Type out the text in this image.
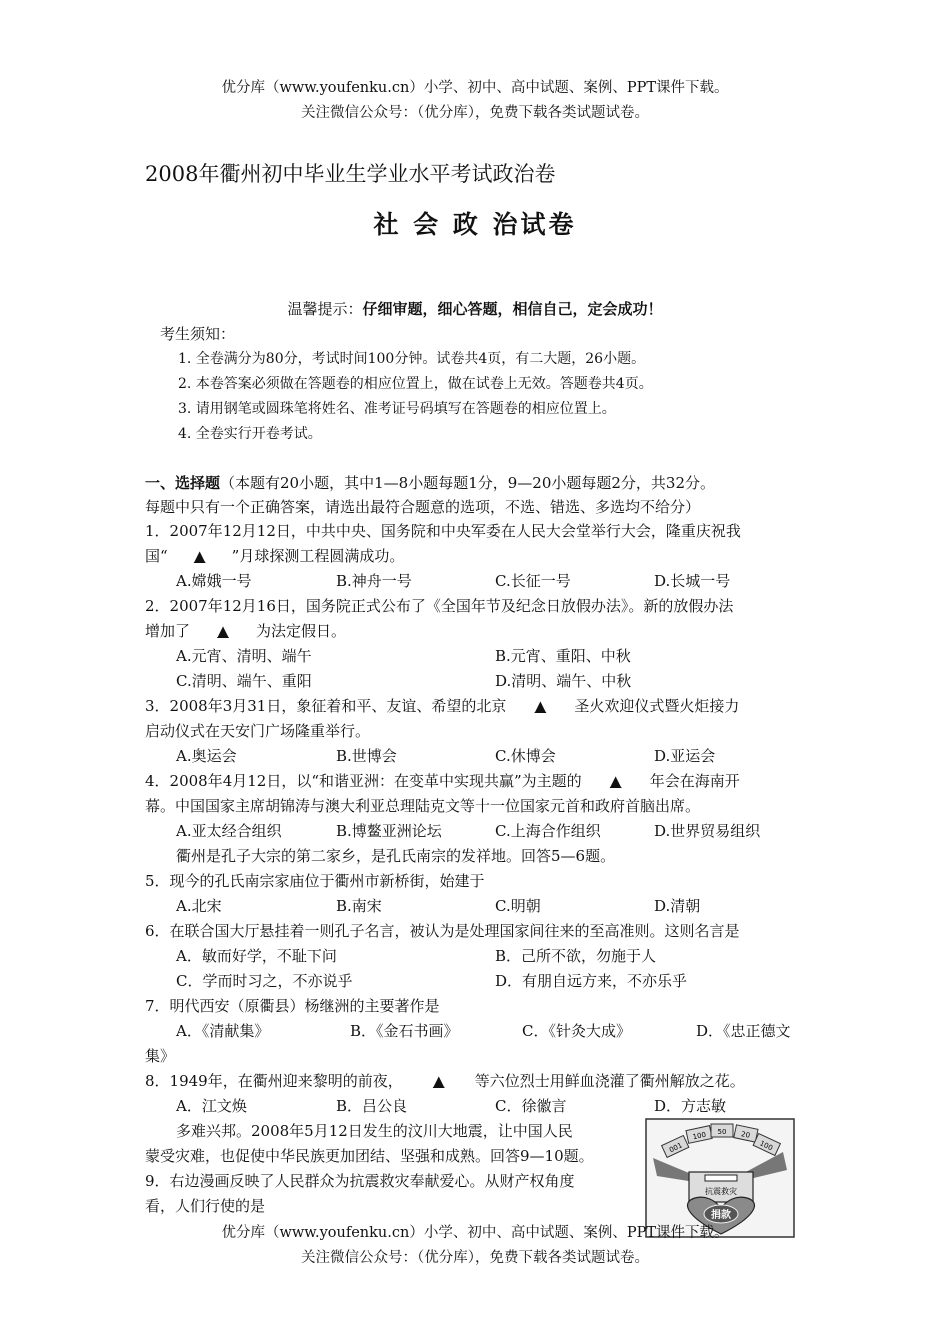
优分库（www.youfenku.cn）小学、初中、高中试题、案例、PPT课件下载。
关注微信公众号：（优分库），免费下载各类试题试卷。
2008年衢州初中毕业生学业水平考试政治卷
社 会 政 治试卷
温馨提示：仔细审题，细心答题，相信自己，定会成功！
考生须知：
1. 全卷满分为80分，考试时间100分钟。试卷共4页，有二大题，26小题。
2. 本卷答案必须做在答题卷的相应位置上，做在试卷上无效。答题卷共4页。
3. 请用钢笔或圆珠笔将姓名、准考证号码填写在答题卷的相应位置上。
4. 全卷实行开卷考试。
一、选择题（本题有20小题，其中1—8小题每题1分，9—20小题每题2分，共32分。
每题中只有一个正确答案，请选出最符合题意的选项，不选、错选、多选均不给分）
1．2007年12月12日，中共中央、国务院和中央军委在人民大会堂举行大会，隆重庆祝我
国“ ▲ ”月球探测工程圆满成功。
A.嫦娥一号	B.神舟一号	C.长征一号	D.长城一号
2．2007年12月16日，国务院正式公布了《全国年节及纪念日放假办法》。新的放假办法
增加了 ▲ 为法定假日。
A.元宵、清明、端午	B.元宵、重阳、中秋
C.清明、端午、重阳	D.清明、端午、中秋
3．2008年3月31日，象征着和平、友谊、希望的北京 ▲ 圣火欢迎仪式暨火炬接力
启动仪式在天安门广场隆重举行。
A.奥运会	B.世博会	C.休博会	D.亚运会
4．2008年4月12日，以“和谐亚洲：在变革中实现共赢”为主题的 ▲ 年会在海南开
幕。中国国家主席胡锦涛与澳大利亚总理陆克文等十一位国家元首和政府首脑出席。
A.亚太经合组织	B.博鳌亚洲论坛	C.上海合作组织	D.世界贸易组织
衢州是孔子大宗的第二家乡，是孔氏南宗的发祥地。回答5—6题。
5．现今的孔氏南宗家庙位于衢州市新桥街，始建于
A.北宋	B.南宋	C.明朝	D.清朝
6．在联合国大厅悬挂着一则孔子名言，被认为是处理国家间往来的至高准则。这则名言是
A．敏而好学，不耻下问	B．己所不欲，勿施于人
C．学而时习之，不亦说乎	D．有朋自远方来，不亦乐乎
7．明代西安（原衢县）杨继洲的主要著作是
A．《清献集》	B．《金石书画》	C．《针灸大成》	D．《忠正德文
集》
8．1949年，在衢州迎来黎明的前夜， ▲ 等六位烈士用鲜血浇灌了衢州解放之花。
A．江文焕	B．吕公良	C．徐徽言	D．方志敏
多难兴邦。2008年5月12日发生的汶川大地震，让中国人民
蒙受灾难，也促使中华民族更加团结、坚强和成熟。回答9—10题。
9．右边漫画反映了人民群众为抗震救灾奉献爱心。从财产权角度
看，人们行使的是
001
100 50 20
100
抗震救灾
捐款
优分库（www.youfenku.cn）小学、初中、高中试题、案例、PPT课件下载。
关注微信公众号：（优分库），免费下载各类试题试卷。
